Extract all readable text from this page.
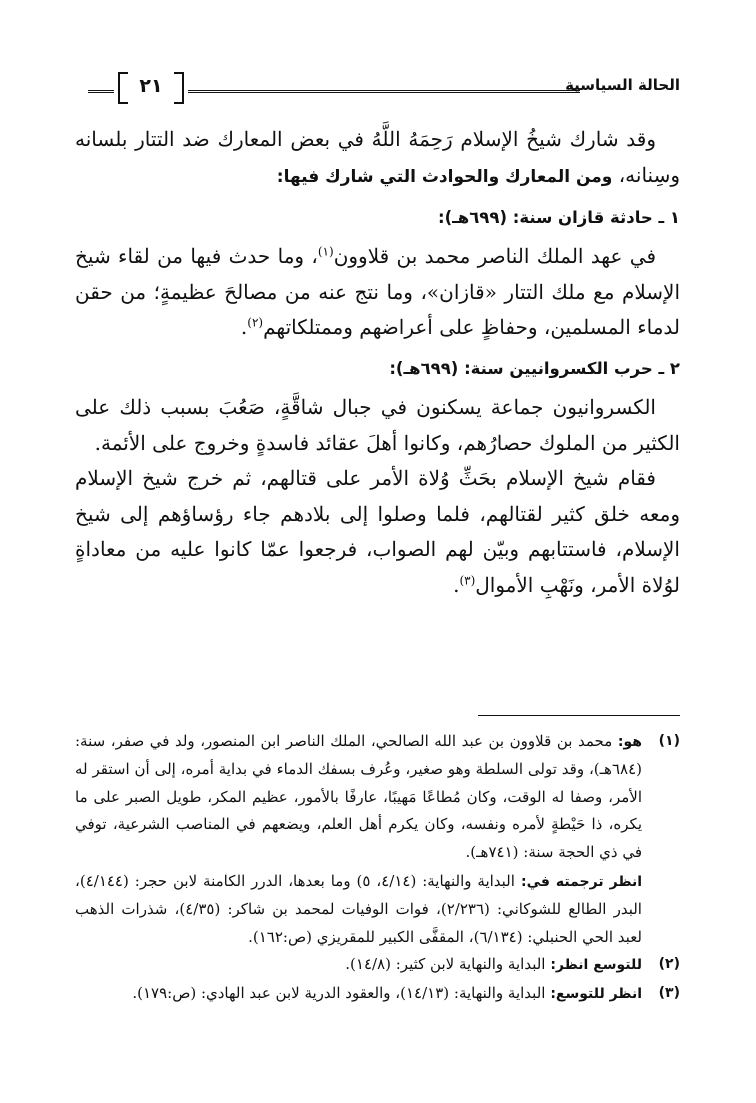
الحالة السياسية
٢١

وقد شارك شيخُ الإسلام رَحِمَهُ اللَّهُ في بعض المعارك ضد التتار بلسانه وسِنانه، ومن المعارك والحوادث التي شارك فيها:

١ ـ حادثة قازان سنة: (٦٩٩هـ):

في عهد الملك الناصر محمد بن قلاوون$^{(١)}$، وما حدث فيها من لقاء شيخ الإسلام مع ملك التتار «قازان»، وما نتج عنه من مصالحَ عظيمةٍ؛ من حقن لدماء المسلمين، وحفاظٍ على أعراضهم وممتلكاتهم$^{(٢)}$.

٢ ـ حرب الكسروانيين سنة: (٦٩٩هـ):

الكسروانيون جماعة يسكنون في جبال شاقَّةٍ، صَعُبَ بسبب ذلك على الكثير من الملوك حصارُهم، وكانوا أهلَ عقائد فاسدةٍ وخروج على الأئمة.

فقام شيخ الإسلام بحَثِّ وُلاة الأمر على قتالهم، ثم خرج شيخ الإسلام ومعه خلق كثير لقتالهم، فلما وصلوا إلى بلادهم جاء رؤساؤهم إلى شيخ الإسلام، فاستتابهم وبيّن لهم الصواب، فرجعوا عمّا كانوا عليه من معاداةٍ لوُلاة الأمر، ونَهْبِ الأموال$^{(٣)}$.

(١)
هو: محمد بن قلاوون بن عبد الله الصالحي، الملك الناصر ابن المنصور، ولد في صفر، سنة: (٦٨٤هـ)، وقد تولى السلطة وهو صغير، وعُرف بسفك الدماء في بداية أمره، إلى أن استقر له الأمر، وصفا له الوقت، وكان مُطاعًا مَهيبًا، عارفًا بالأمور، عظيم المكر، طويل الصبر على ما يكره، ذا حَيْطةٍ لأمره ونفسه، وكان يكرم أهل العلم، ويضعهم في المناصب الشرعية، توفي في ذي الحجة سنة: (٧٤١هـ).
انظر ترجمته في: البداية والنهاية: (٤/١٤، ٥) وما بعدها، الدرر الكامنة لابن حجر: (٤/١٤٤)، البدر الطالع للشوكاني: (٢/٢٣٦)، فوات الوفيات لمحمد بن شاكر: (٤/٣٥)، شذرات الذهب لعبد الحي الحنبلي: (٦/١٣٤)، المقفَّى الكبير للمقريزي (ص:١٦٢).
(٢)
للتوسع انظر: البداية والنهاية لابن كثير: (١٤/٨).
(٣)
انظر للتوسع: البداية والنهاية: (١٤/١٣)، والعقود الدرية لابن عبد الهادي: (ص:١٧٩).
